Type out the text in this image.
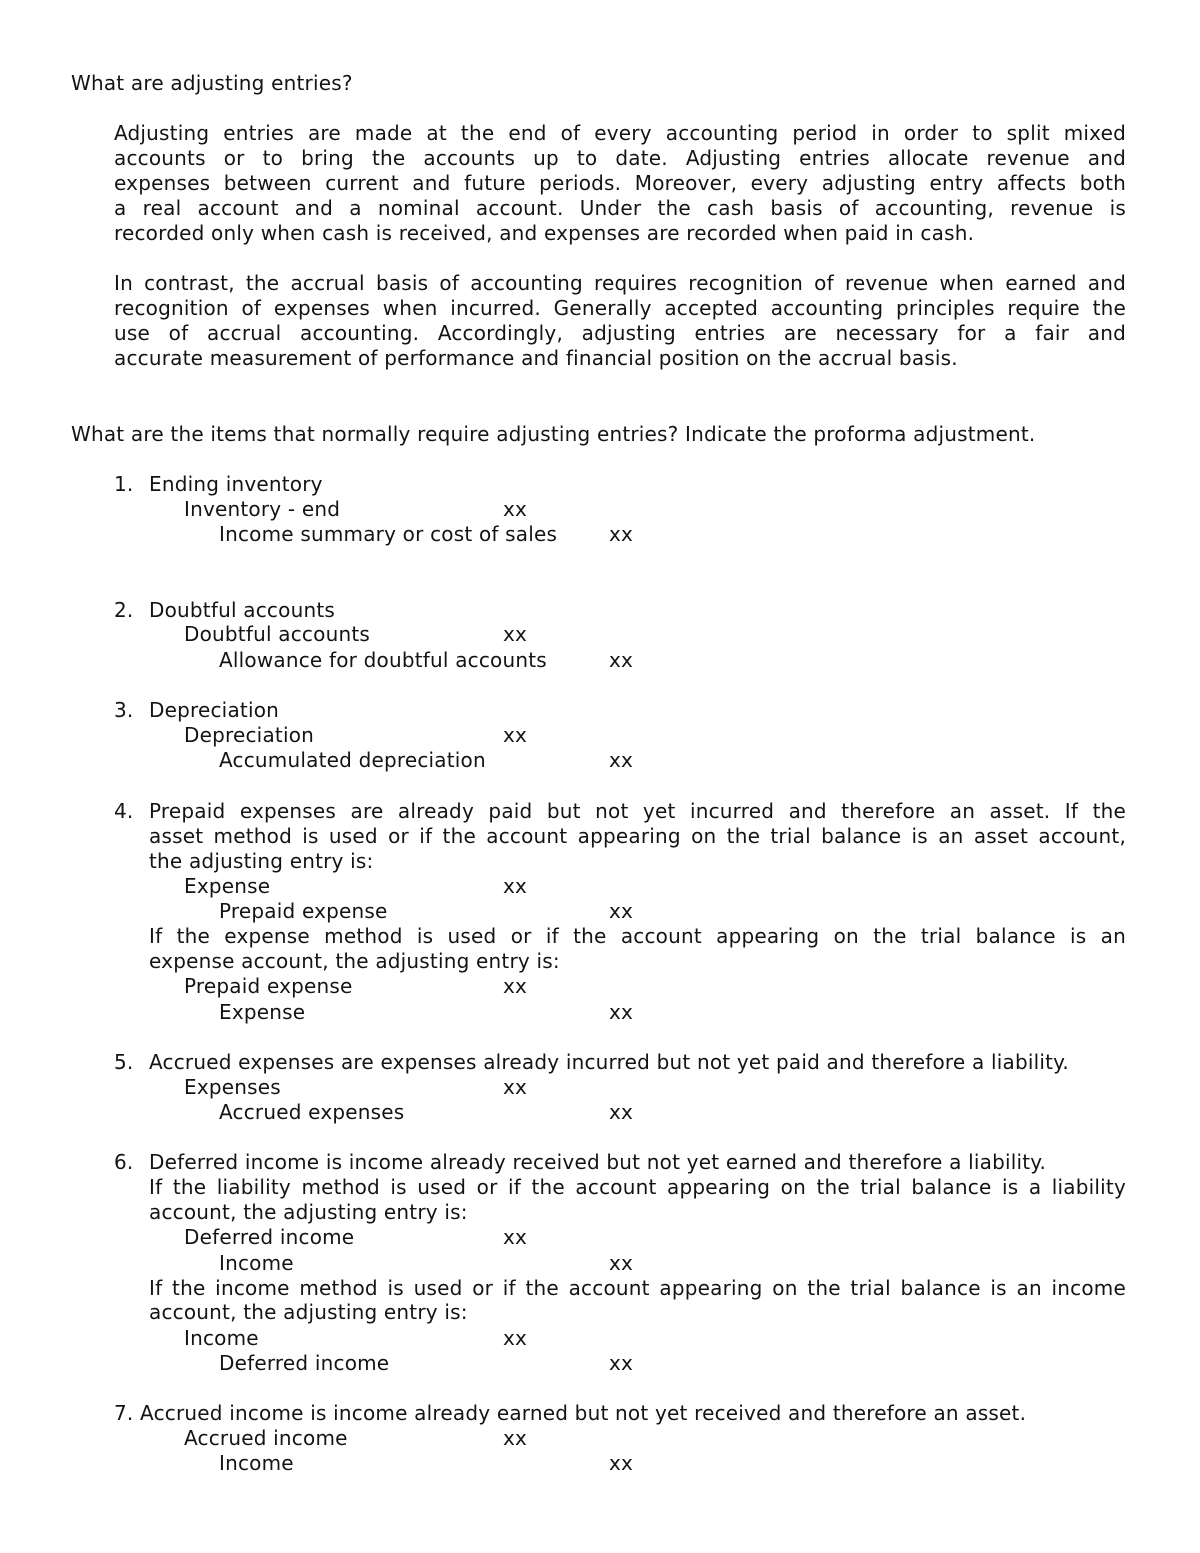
What are adjusting entries?
Adjusting entries are made at the end of every accounting period in order to split mixed
accounts or to bring the accounts up to date. Adjusting entries allocate revenue and
expenses between current and future periods. Moreover, every adjusting entry affects both
a real account and a nominal account. Under the cash basis of accounting, revenue is
recorded only when cash is received, and expenses are recorded when paid in cash.
In contrast, the accrual basis of accounting requires recognition of revenue when earned and
recognition of expenses when incurred. Generally accepted accounting principles require the
use of accrual accounting. Accordingly, adjusting entries are necessary for a fair and
accurate measurement of performance and financial position on the accrual basis.
What are the items that normally require adjusting entries? Indicate the proforma adjustment.
1. Ending inventory
Inventory - end	xx
Income summary or cost of sales	xx
2. Doubtful accounts
Doubtful accounts	xx
Allowance for doubtful accounts	xx
3. Depreciation
Depreciation	xx
Accumulated depreciation	xx
4. Prepaid expenses are already paid but not yet incurred and therefore an asset. If the
asset method is used or if the account appearing on the trial balance is an asset account,
the adjusting entry is:
Expense	xx
Prepaid expense	xx
If the expense method is used or if the account appearing on the trial balance is an
expense account, the adjusting entry is:
Prepaid expense	xx
Expense	xx
5. Accrued expenses are expenses already incurred but not yet paid and therefore a liability.
Expenses	xx
Accrued expenses	xx
6. Deferred income is income already received but not yet earned and therefore a liability.
If the liability method is used or if the account appearing on the trial balance is a liability
account, the adjusting entry is:
Deferred income	xx
Income	xx
If the income method is used or if the account appearing on the trial balance is an income
account, the adjusting entry is:
Income	xx
Deferred income	xx
7. Accrued income is income already earned but not yet received and therefore an asset.
Accrued income	xx
Income	xx
